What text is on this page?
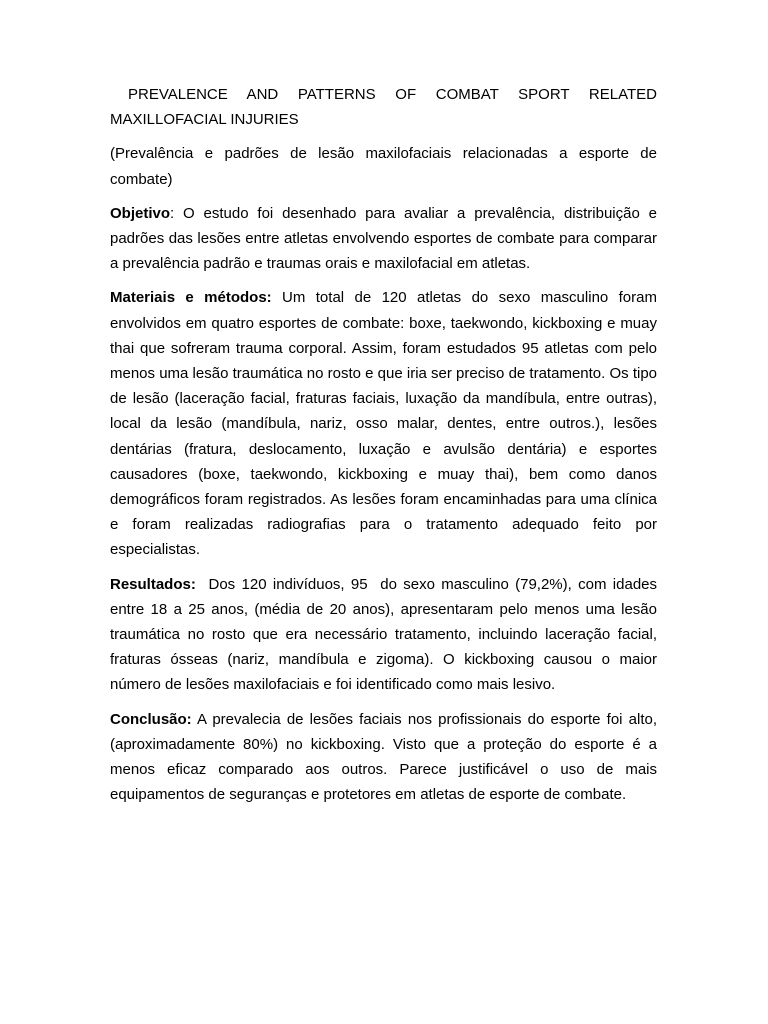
PREVALENCE AND PATTERNS OF COMBAT SPORT RELATED MAXILLOFACIAL INJURIES

(Prevalência e padrões de lesão maxilofaciais relacionadas a esporte de combate)

Objetivo: O estudo foi desenhado para avaliar a prevalência, distribuição e padrões das lesões entre atletas envolvendo esportes de combate para comparar a prevalência padrão e traumas orais e maxilofacial em atletas.

Materiais e métodos: Um total de 120 atletas do sexo masculino foram envolvidos em quatro esportes de combate: boxe, taekwondo, kickboxing e muay thai que sofreram trauma corporal. Assim, foram estudados 95 atletas com pelo menos uma lesão traumática no rosto e que iria ser preciso de tratamento. Os tipo de lesão (laceração facial, fraturas faciais, luxação da mandíbula, entre outras), local da lesão (mandíbula, nariz, osso malar, dentes, entre outros.), lesões dentárias (fratura, deslocamento, luxação e avulsão dentária) e esportes causadores (boxe, taekwondo, kickboxing e muay thai), bem como danos demográficos foram registrados. As lesões foram encaminhadas para uma clínica e foram realizadas radiografias para o tratamento adequado feito por especialistas.

Resultados:  Dos 120 indivíduos, 95  do sexo masculino (79,2%), com idades entre 18 a 25 anos, (média de 20 anos), apresentaram pelo menos uma lesão traumática no rosto que era necessário tratamento, incluindo laceração facial, fraturas ósseas (nariz, mandíbula e zigoma). O kickboxing causou o maior número de lesões maxilofaciais e foi identificado como mais lesivo.

Conclusão: A prevalecia de lesões faciais nos profissionais do esporte foi alto, (aproximadamente 80%) no kickboxing. Visto que a proteção do esporte é a menos eficaz comparado aos outros. Parece justificável o uso de mais equipamentos de seguranças e protetores em atletas de esporte de combate.
